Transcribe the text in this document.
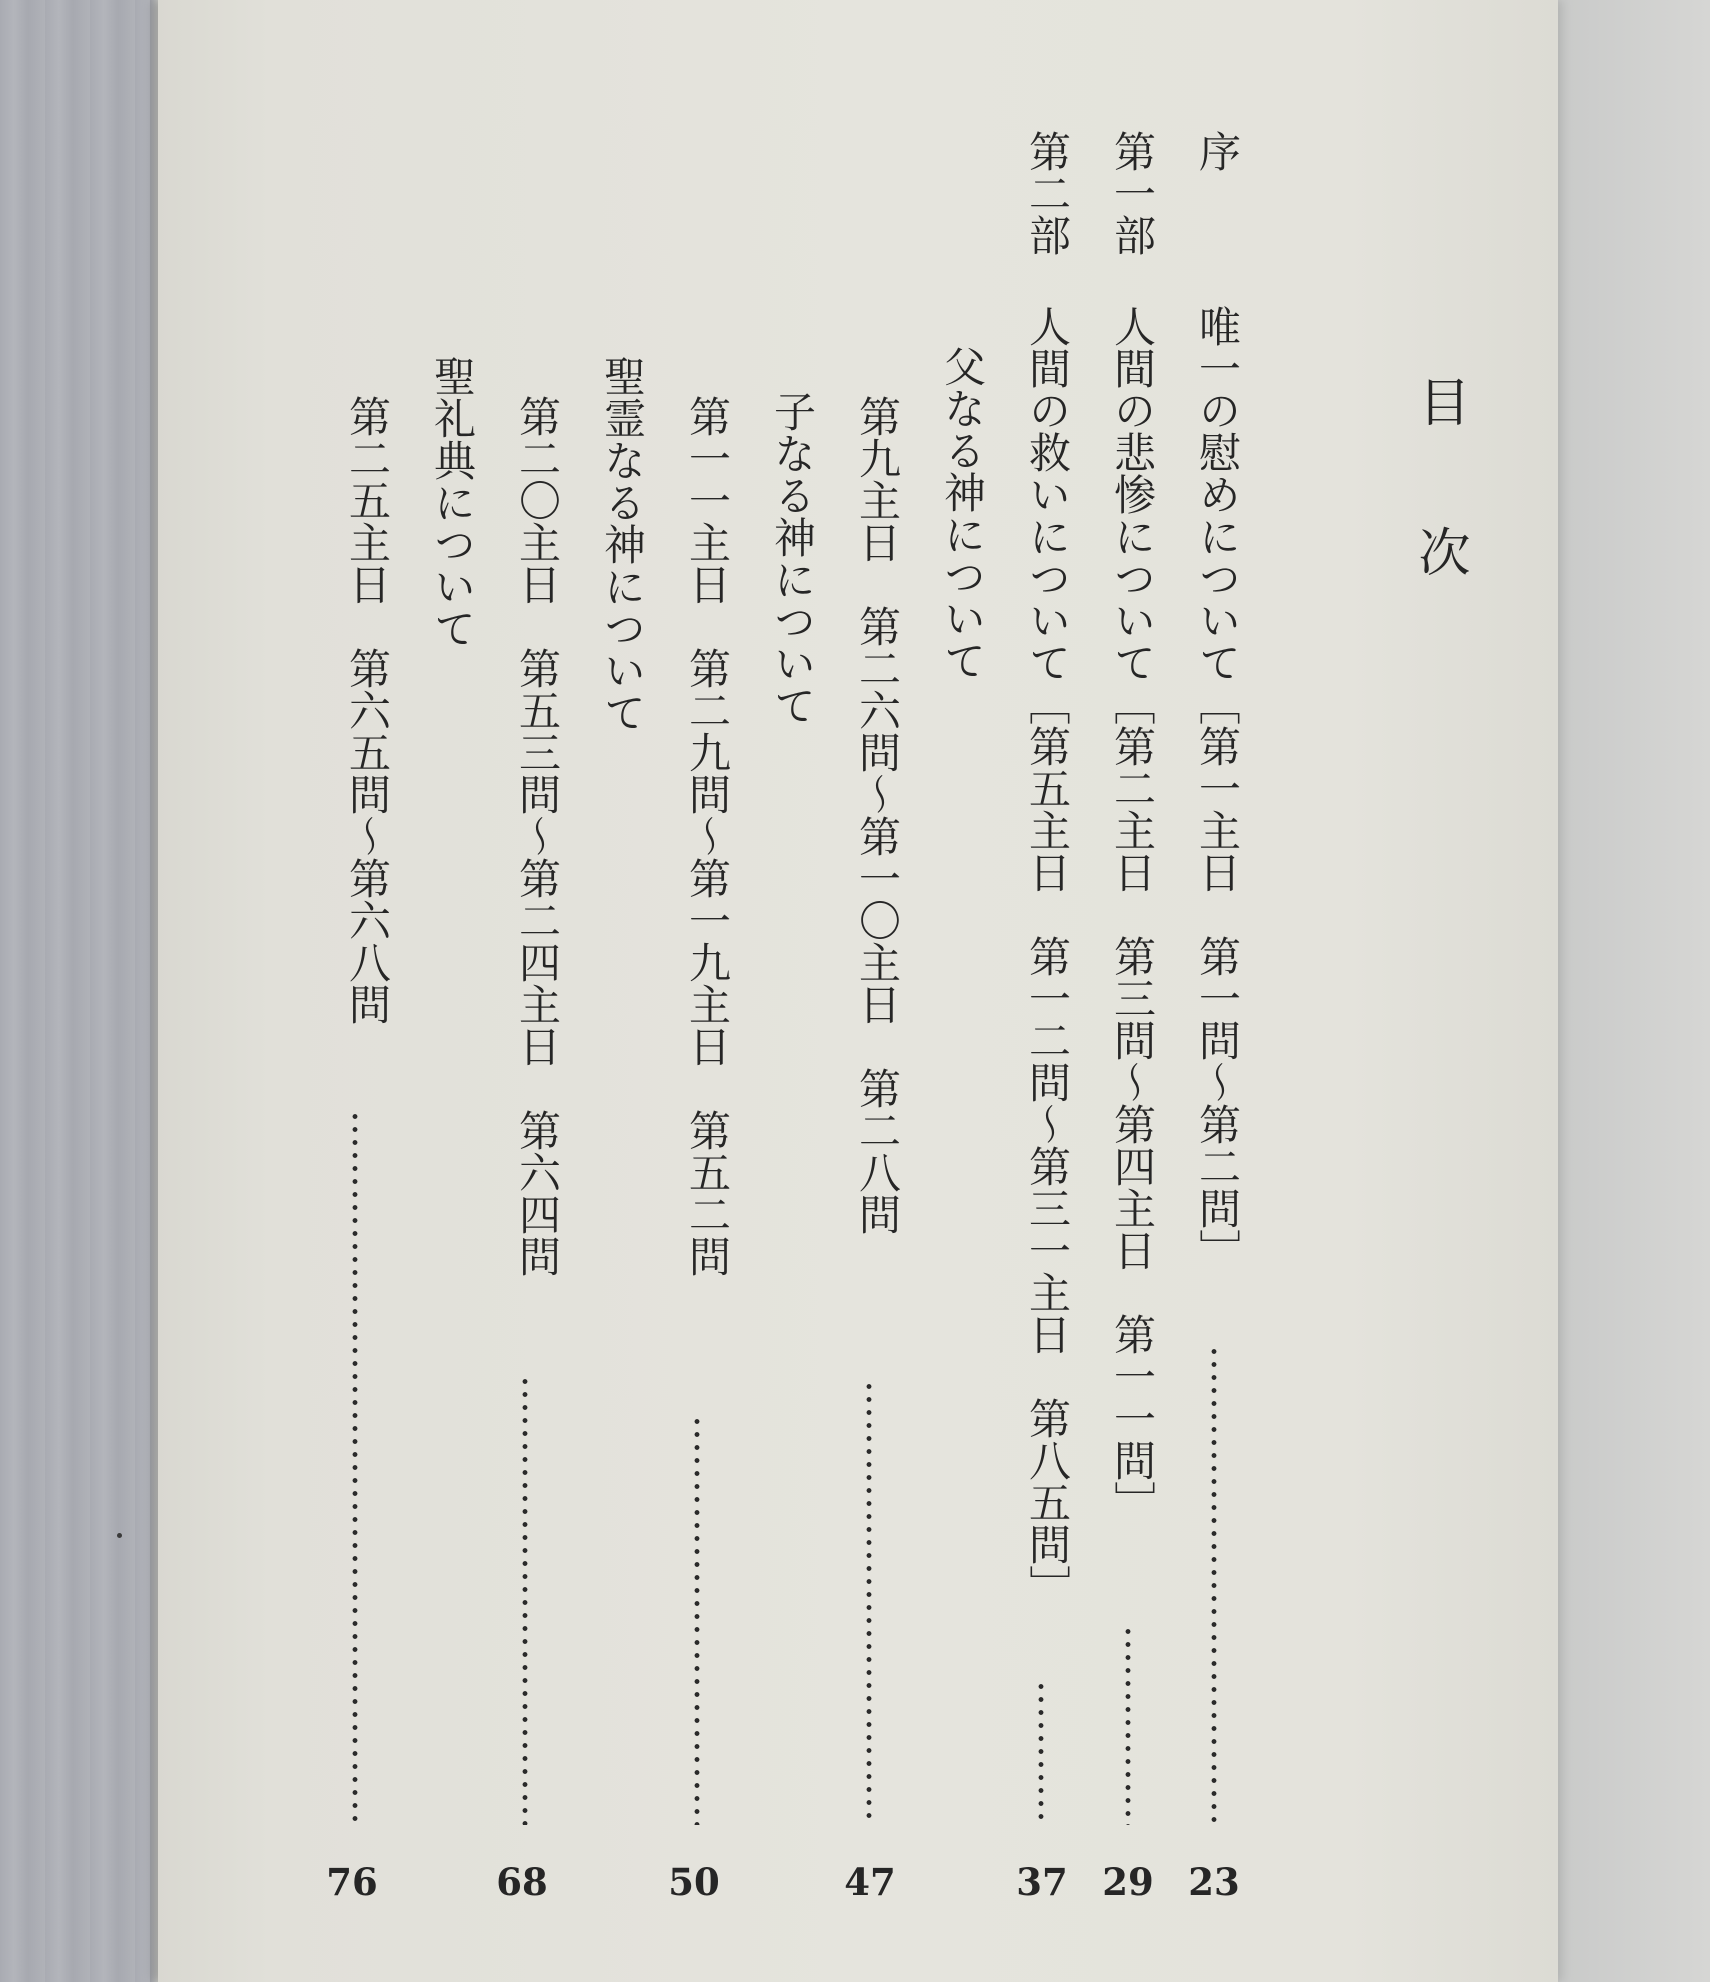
目次
序
唯一の慰めについて［第一主日　第一問～第二問］
23
第一部
人間の悲惨について［第二主日　第三問～第四主日　第一一問］
29
第二部
人間の救いについて［第五主日　第一二問～第三一主日　第八五問］
37
父なる神について
第九主日　第二六問～第一〇主日　第二八問
47
子なる神について
第一一主日　第二九問～第一九主日　第五二問
50
聖霊なる神について
第二〇主日　第五三問～第二四主日　第六四問
68
聖礼典について
第二五主日　第六五問～第六八問
76
